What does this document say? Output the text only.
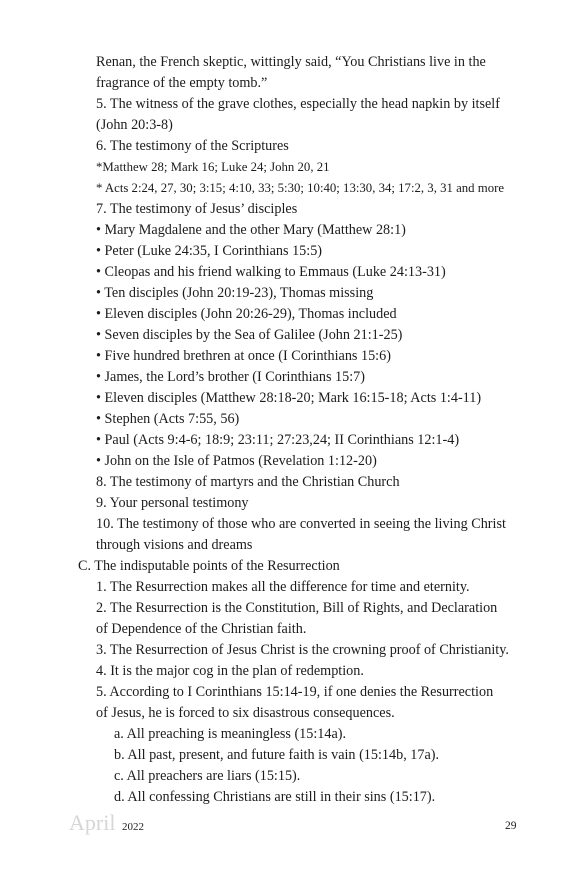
Renan, the French skeptic, wittingly said, “You Christians live in the
fragrance of the empty tomb.”
5. The witness of the grave clothes, especially the head napkin by itself
(John 20:3-8)
6. The testimony of the Scriptures
*Matthew 28; Mark 16; Luke 24; John 20, 21
* Acts 2:24, 27, 30; 3:15; 4:10, 33; 5:30; 10:40; 13:30, 34; 17:2, 3, 31 and more
7. The testimony of Jesus’ disciples
• Mary Magdalene and the other Mary (Matthew 28:1)
• Peter (Luke 24:35, I Corinthians 15:5)
• Cleopas and his friend walking to Emmaus (Luke 24:13-31)
• Ten disciples (John 20:19-23), Thomas missing
• Eleven disciples (John 20:26-29), Thomas included
• Seven disciples by the Sea of Galilee (John 21:1-25)
• Five hundred brethren at once (I Corinthians 15:6)
• James, the Lord’s brother (I Corinthians 15:7)
• Eleven disciples (Matthew 28:18-20; Mark 16:15-18; Acts 1:4-11)
• Stephen (Acts 7:55, 56)
• Paul (Acts 9:4-6; 18:9; 23:11; 27:23,24; II Corinthians 12:1-4)
• John on the Isle of Patmos (Revelation 1:12-20)
8. The testimony of martyrs and the Christian Church
9. Your personal testimony
10. The testimony of those who are converted in seeing the living Christ
through visions and dreams
C. The indisputable points of the Resurrection
1. The Resurrection makes all the difference for time and eternity.
2. The Resurrection is the Constitution, Bill of Rights, and Declaration
of Dependence of the Christian faith.
3. The Resurrection of Jesus Christ is the crowning proof of Christianity.
4. It is the major cog in the plan of redemption.
5. According to I Corinthians 15:14-19, if one denies the Resurrection
of Jesus, he is forced to six disastrous consequences.
a. All preaching is meaningless (15:14a).
b. All past, present, and future faith is vain (15:14b, 17a).
c. All preachers are liars (15:15).
d. All confessing Christians are still in their sins (15:17).
April 2022	29
